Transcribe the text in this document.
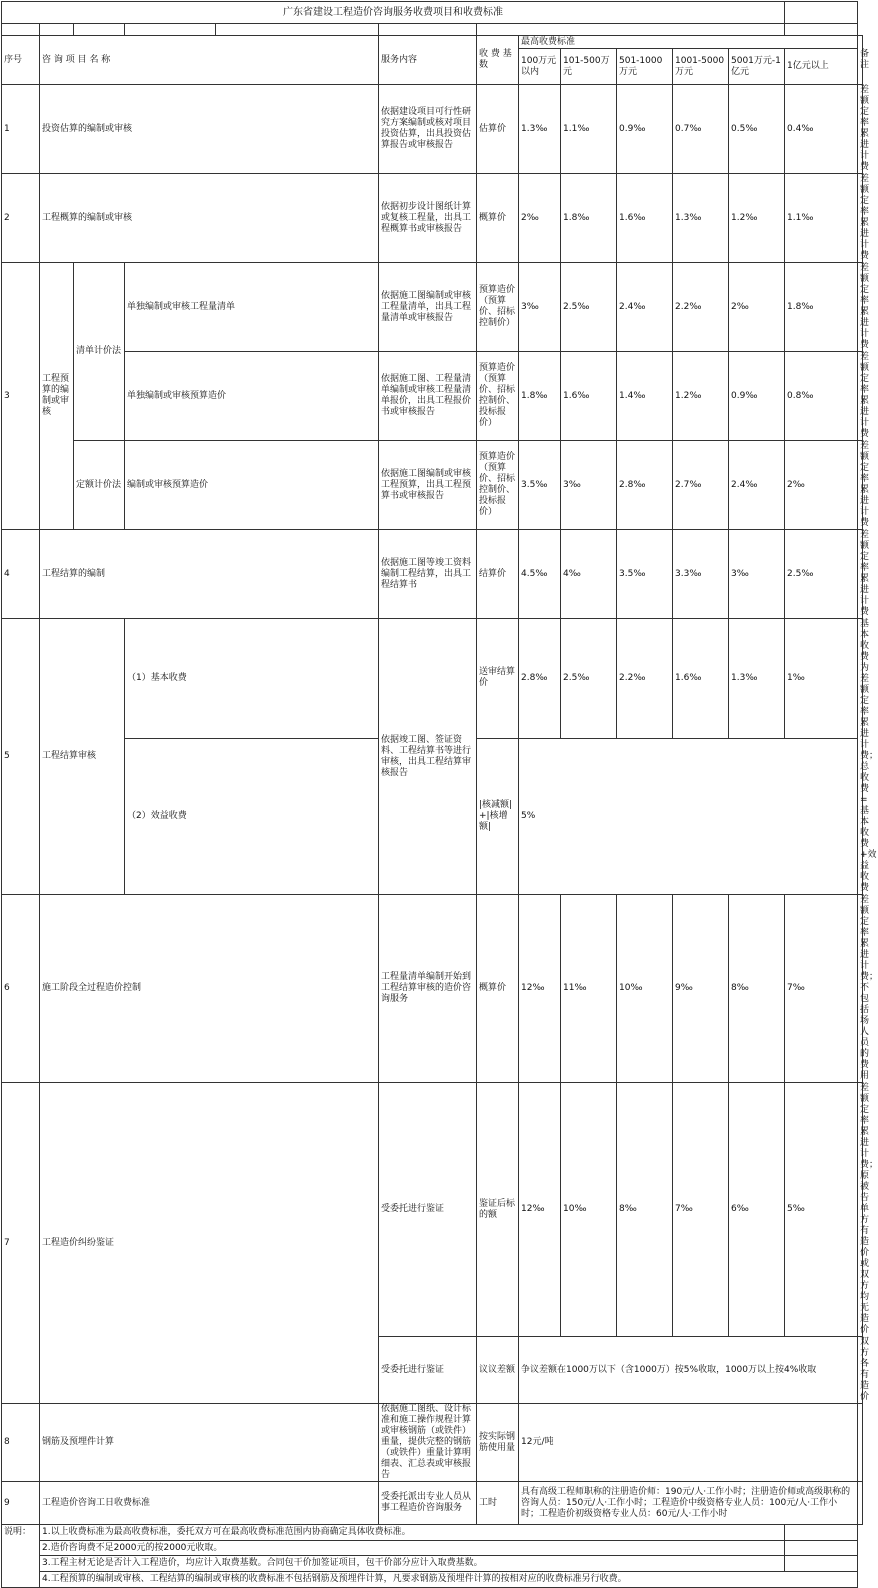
广东省建设工程造价咨询服务收费项目和收费标准													

序号	咨 询 项 目 名 称				服务内容	收 费 基 数	最高收费标准						备注
							100万元以内	101-500万元	501-1000万元	1001-5000万元	5001万元-1亿元	1亿元以上	
1	投资估算的编制或审核				依据建设项目可行性研究方案编制或核对项目投资估算，出具投资估算报告或审核报告	估算价	1.3‰	1.1‰	0.9‰	0.7‰	0.5‰	0.4‰	差额定率累进计费
2	工程概算的编制或审核				依据初步设计图纸计算或复核工程量，出具工程概算书或审核报告	概算价	2‰	1.8‰	1.6‰	1.3‰	1.2‰	1.1‰	差额定率累进计费
3	工程预算的编制或审核	清单计价法	单独编制或审核工程量清单		依据施工图编制或审核工程量清单，出具工程量清单或审核报告	预算造价（预算价、招标控制价）	3‰	2.5‰	2.4‰	2.2‰	2‰	1.8‰	差额定率累进计费
			单独编制或审核预算造价		依据施工图、工程量清单编制或审核工程量清单报价，出具工程报价书或审核报告	预算造价（预算价、招标控制价、投标报价）	1.8‰	1.6‰	1.4‰	1.2‰	0.9‰	0.8‰	差额定率累进计费
		定额计价法	编制或审核预算造价		依据施工图编制或审核工程预算，出具工程预算书或审核报告	预算造价（预算价、招标控制价、投标报价）	3.5‰	3‰	2.8‰	2.7‰	2.4‰	2‰	差额定率累进计费
4	工程结算的编制				依据施工图等竣工资料编制工程结算，出具工程结算书	结算价	4.5‰	4‰	3.5‰	3.3‰	3‰	2.5‰	差额定率累进计费
5	工程结算审核		（1）基本收费		依据竣工图、签证资料、工程结算书等进行审核，出具工程结算审核报告	送审结算价	2.8‰	2.5‰	2.2‰	1.6‰	1.3‰	1‰	基本收费为差额定率累进计费；总收费=基本收费+效益收费
			（2）效益收费			|核减额|+|核增额|	5%						
6	施工阶段全过程造价控制				工程量清单编制开始到工程结算审核的造价咨询服务	概算价	12‰	11‰	10‰	9‰	8‰	7‰	差额定率累进计费；不包括场人员的费用
7	工程造价纠纷鉴证				受委托进行鉴证	鉴证后标的额	12‰	10‰	8‰	7‰	6‰	5‰	差额定率累进计费；原被告单方有造价或双方均无造价
					受委托进行鉴证	议议差额	争议差额在1000万以下（含1000万）按5%收取，1000万以上按4%收取						双方各有造价
8	钢筋及预埋件计算				依据施工图纸、设计标准和施工操作规程计算或审核钢筋（或铁件）重量，提供完整的钢筋（或铁件）重量计算明细表、汇总表或审核报告	按实际钢筋使用量	12元/吨						
9	工程造价咨询工日收费标准				受委托派出专业人员从事工程造价咨询服务	工时	具有高级工程师职称的注册造价师：190元/人·工作小时；注册造价师或高级职称的咨询人员：150元/人·工作小时；工程造价中级资格专业人员：100元/人·工作小时；工程造价初级资格专业人员：60元/人·工作小时						
说明：	1.以上收费标准为最高收费标准，委托双方可在最高收费标准范围内协商确定具体收费标准。												
	2.造价咨询费不足2000元的按2000元收取。												
	3.工程主材无论是否计入工程造价，均应计入取费基数。合同包干价加签证项目，包干价部分应计入取费基数。												
	4.工程预算的编制或审核、工程结算的编制或审核的收费标准不包括钢筋及预埋件计算，凡要求钢筋及预埋件计算的按相对应的收费标准另行收费。												
